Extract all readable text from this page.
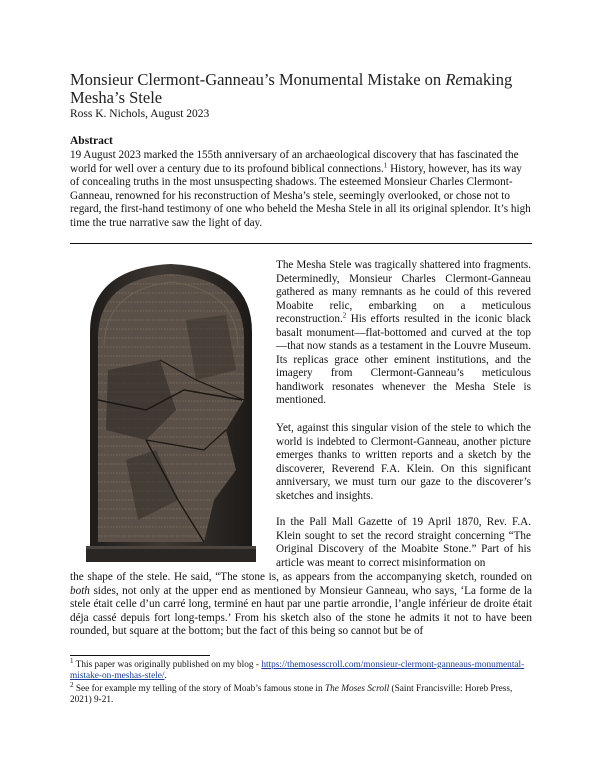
Monsieur Clermont-Ganneau’s Monumental Mistake on Remaking Mesha’s Stele
Ross K. Nichols, August 2023
Abstract

19 August 2023 marked the 155th anniversary of an archaeological discovery that has fascinated the world for well over a century due to its profound biblical connections.$^1$ History, however, has its way of concealing truths in the most unsuspecting shadows. The esteemed Monsieur Charles Clermont-Ganneau, renowned for his reconstruction of Mesha’s stele, seemingly overlooked, or chose not to regard, the first-hand testimony of one who beheld the Mesha Stele in all its original splendor. It’s high time the true narrative saw the light of day.

The Mesha Stele was tragically shattered into fragments. Determinedly, Monsieur Charles Clermont-Ganneau gathered as many remnants as he could of this revered Moabite relic, embarking on a meticulous reconstruction.$^2$ His efforts resulted in the iconic black basalt monument—flat-bottomed and curved at the top—that now stands as a testament in the Louvre Museum. Its replicas grace other eminent institutions, and the imagery from Clermont-Ganneau’s meticulous handiwork resonates whenever the Mesha Stele is mentioned.

Yet, against this singular vision of the stele to which the world is indebted to Clermont-Ganneau, another picture emerges thanks to written reports and a sketch by the discoverer, Reverend F.A. Klein. On this significant anniversary, we must turn our gaze to the discoverer’s sketches and insights.

In the Pall Mall Gazette of 19 April 1870, Rev. F.A. Klein sought to set the record straight concerning “The Original Discovery of the Moabite Stone.” Part of his article was meant to correct misinformation on

the shape of the stele. He said, “The stone is, as appears from the accompanying sketch, rounded on both sides, not only at the upper end as mentioned by Monsieur Ganneau, who says, ‘La forme de la stele était celle d’un carré long, terminé en haut par une partie arrondie, l’angle inférieur de droite était déja cassé depuis fort long-temps.’ From his sketch also of the stone he admits it not to have been rounded, but square at the bottom; but the fact of this being so cannot but be of

$^1$ This paper was originally published on my blog - https://themosesscroll.com/monsieur-clermont-ganneaus-monumental-mistake-on-meshas-stele/.

$^2$ See for example my telling of the story of Moab’s famous stone in The Moses Scroll (Saint Francisville: Horeb Press, 2021) 9-21.
